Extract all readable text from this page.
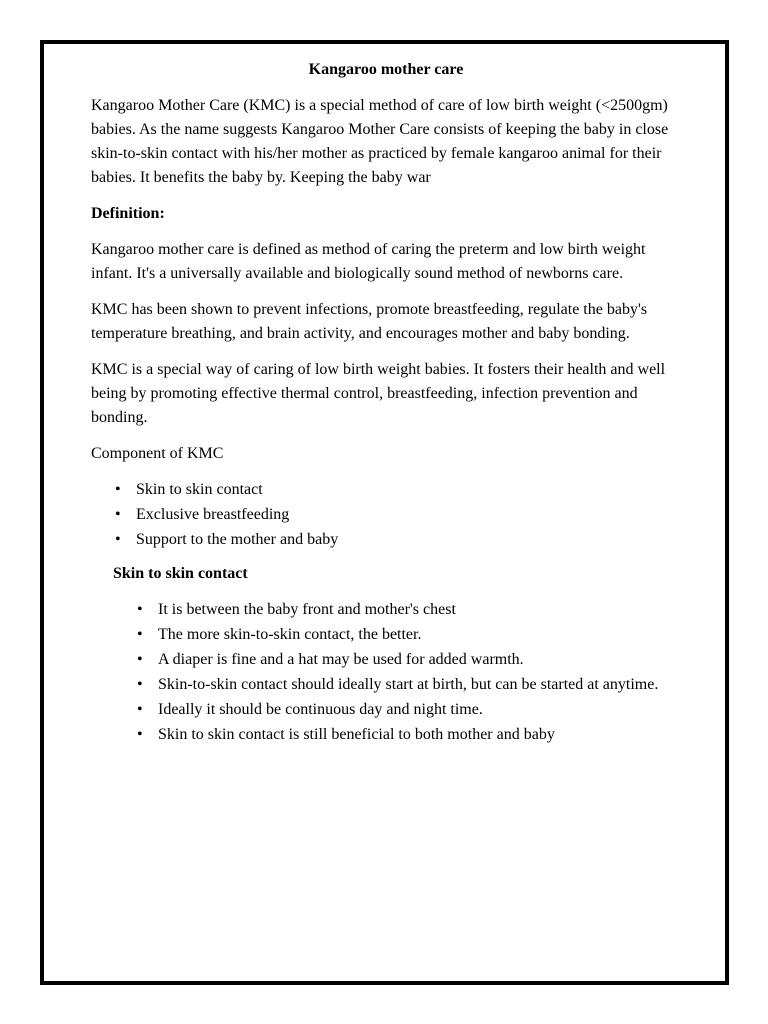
Kangaroo mother care

Kangaroo Mother Care (KMC) is a special method of care of low birth weight (<2500gm) babies. As the name suggests Kangaroo Mother Care consists of keeping the baby in close skin-to-skin contact with his/her mother as practiced by female kangaroo animal for their babies. It benefits the baby by. Keeping the baby war

Definition:

Kangaroo mother care is defined as method of caring the preterm and low birth weight infant. It's a universally available and biologically sound method of newborns care.

KMC has been shown to prevent infections, promote breastfeeding, regulate the baby's temperature breathing, and brain activity, and encourages mother and baby bonding.

KMC is a special way of caring of low birth weight babies. It fosters their health and well being by promoting effective thermal control, breastfeeding, infection prevention and bonding.

Component of KMC

• Skin to skin contact
• Exclusive breastfeeding
• Support to the mother and baby
Skin to skin contact
• It is between the baby front and mother's chest
• The more skin-to-skin contact, the better.
• A diaper is fine and a hat may be used for added warmth.
• Skin-to-skin contact should ideally start at birth, but can be started at anytime.
• Ideally it should be continuous day and night time.
• Skin to skin contact is still beneficial to both mother and baby
